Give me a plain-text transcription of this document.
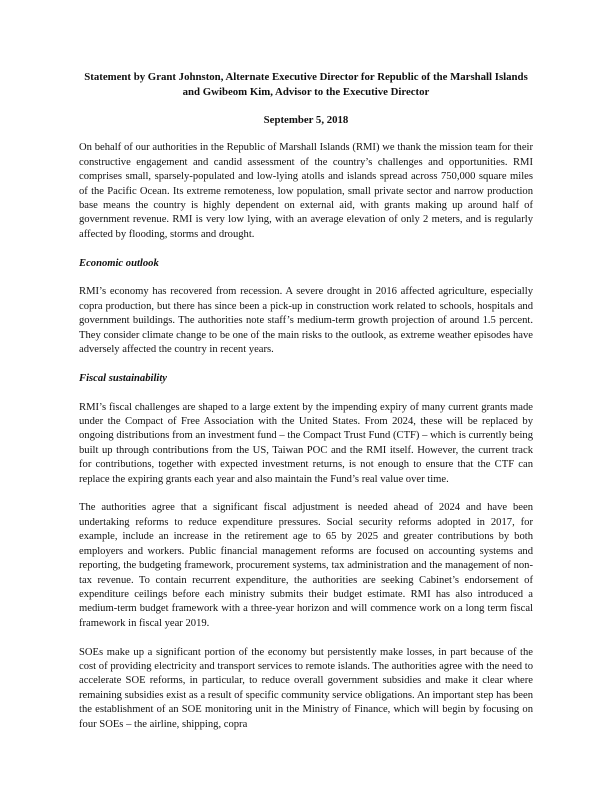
Statement by Grant Johnston, Alternate Executive Director for Republic of the Marshall Islands and Gwibeom Kim, Advisor to the Executive Director
September 5, 2018

On behalf of our authorities in the Republic of Marshall Islands (RMI) we thank the mission team for their constructive engagement and candid assessment of the country’s challenges and opportunities. RMI comprises small, sparsely-populated and low-lying atolls and islands spread across 750,000 square miles of the Pacific Ocean. Its extreme remoteness, low population, small private sector and narrow production base means the country is highly dependent on external aid, with grants making up around half of government revenue. RMI is very low lying, with an average elevation of only 2 meters, and is regularly affected by flooding, storms and drought.

Economic outlook

RMI’s economy has recovered from recession. A severe drought in 2016 affected agriculture, especially copra production, but there has since been a pick-up in construction work related to schools, hospitals and government buildings. The authorities note staff’s medium-term growth projection of around 1.5 percent. They consider climate change to be one of the main risks to the outlook, as extreme weather episodes have adversely affected the country in recent years.

Fiscal sustainability

RMI’s fiscal challenges are shaped to a large extent by the impending expiry of many current grants made under the Compact of Free Association with the United States. From 2024, these will be replaced by ongoing distributions from an investment fund – the Compact Trust Fund (CTF) – which is currently being built up through contributions from the US, Taiwan POC and the RMI itself. However, the current track for contributions, together with expected investment returns, is not enough to ensure that the CTF can replace the expiring grants each year and also maintain the Fund’s real value over time.

The authorities agree that a significant fiscal adjustment is needed ahead of 2024 and have been undertaking reforms to reduce expenditure pressures. Social security reforms adopted in 2017, for example, include an increase in the retirement age to 65 by 2025 and greater contributions by both employers and workers. Public financial management reforms are focused on accounting systems and reporting, the budgeting framework, procurement systems, tax administration and the management of non-tax revenue. To contain recurrent expenditure, the authorities are seeking Cabinet’s endorsement of expenditure ceilings before each ministry submits their budget estimate. RMI has also introduced a medium-term budget framework with a three-year horizon and will commence work on a long term fiscal framework in fiscal year 2019.

SOEs make up a significant portion of the economy but persistently make losses, in part because of the cost of providing electricity and transport services to remote islands. The authorities agree with the need to accelerate SOE reforms, in particular, to reduce overall government subsidies and make it clear where remaining subsidies exist as a result of specific community service obligations. An important step has been the establishment of an SOE monitoring unit in the Ministry of Finance, which will begin by focusing on four SOEs – the airline, shipping, copra
